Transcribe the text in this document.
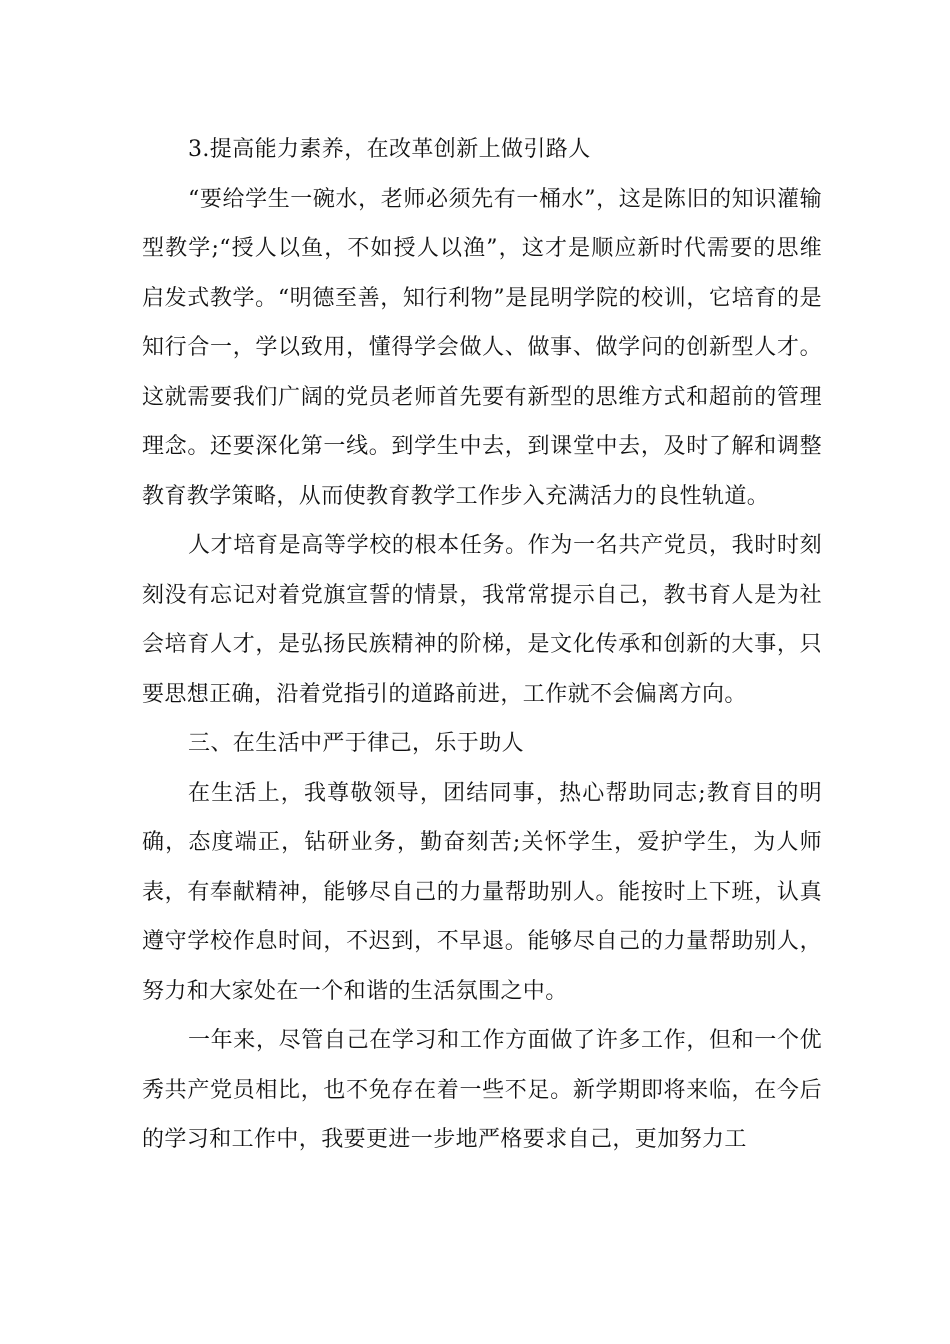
3.提高能力素养，在改革创新上做引路人

“要给学生一碗水，老师必须先有一桶水”，这是陈旧的知识灌输型教学;“授人以鱼，不如授人以渔”，这才是顺应新时代需要的思维启发式教学。“明德至善，知行利物”是昆明学院的校训，它培育的是知行合一，学以致用，懂得学会做人、做事、做学问的创新型人才。这就需要我们广阔的党员老师首先要有新型的思维方式和超前的管理理念。还要深化第一线。到学生中去，到课堂中去，及时了解和调整教育教学策略，从而使教育教学工作步入充满活力的良性轨道。

人才培育是高等学校的根本任务。作为一名共产党员，我时时刻刻没有忘记对着党旗宣誓的情景，我常常提示自己，教书育人是为社会培育人才，是弘扬民族精神的阶梯，是文化传承和创新的大事，只要思想正确，沿着党指引的道路前进，工作就不会偏离方向。

三、在生活中严于律己，乐于助人

在生活上，我尊敬领导，团结同事，热心帮助同志;教育目的明确，态度端正，钻研业务，勤奋刻苦;关怀学生，爱护学生，为人师表，有奉献精神，能够尽自己的力量帮助别人。能按时上下班，认真遵守学校作息时间，不迟到，不早退。能够尽自己的力量帮助别人，努力和大家处在一个和谐的生活氛围之中。

一年来，尽管自己在学习和工作方面做了许多工作，但和一个优秀共产党员相比，也不免存在着一些不足。新学期即将来临，在今后的学习和工作中，我要更进一步地严格要求自己，更加努力工
